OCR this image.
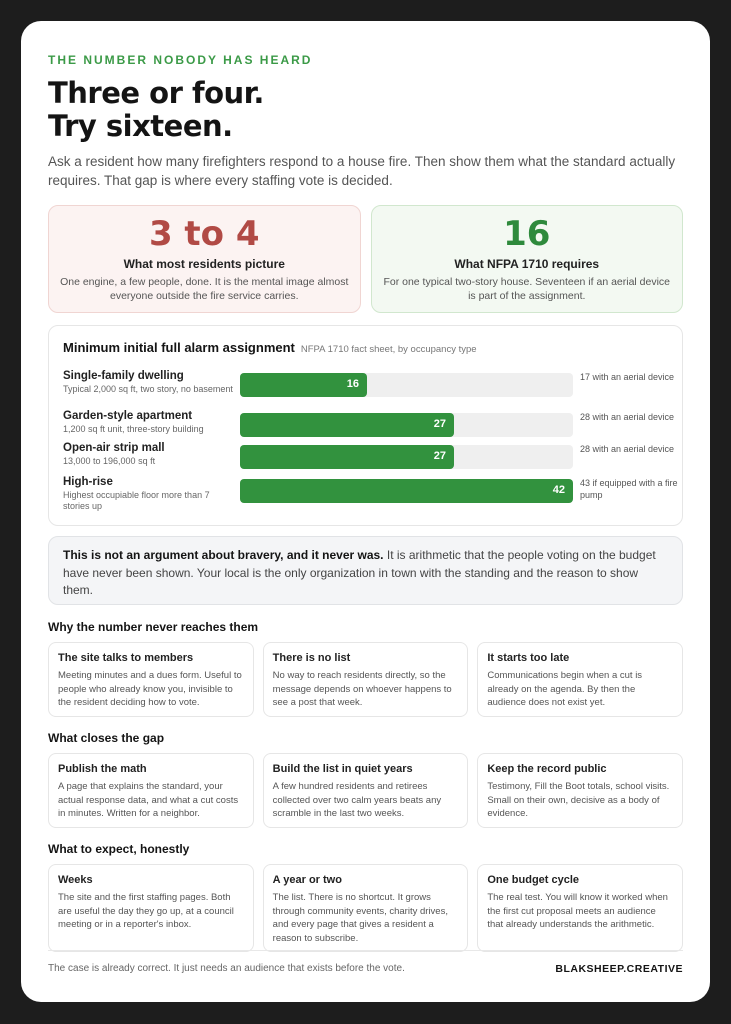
THE NUMBER NOBODY HAS HEARD
Three or four.
Try sixteen.
Ask a resident how many firefighters respond to a house fire. Then show them what the standard actually requires. That gap is where every staffing vote is decided.
3 to 4
What most residents picture
One engine, a few people, done. It is the mental image almost everyone outside the fire service carries.
16
What NFPA 1710 requires
For one typical two-story house. Seventeen if an aerial device is part of the assignment.
Minimum initial full alarm assignment NFPA 1710 fact sheet, by occupancy type
Single-family dwelling
Typical 2,000 sq ft, two story, no basement	16
17 with an aerial device
Garden-style apartment
1,200 sq ft unit, three-story building	27
28 with an aerial device
Open-air strip mall
13,000 to 196,000 sq ft	27
28 with an aerial device
High-rise
Highest occupiable floor more than 7 stories up
42
43 if equipped with a fire pump
This is not an argument about bravery, and it never was. It is arithmetic that the people voting on the budget have never been shown. Your local is the only organization in town with the standing and the reason to show them.
Why the number never reaches them
The site talks to members
Meeting minutes and a dues form. Useful to people who already know you, invisible to the resident deciding how to vote.
There is no list
No way to reach residents directly, so the message depends on whoever happens to see a post that week.
It starts too late
Communications begin when a cut is already on the agenda. By then the audience does not exist yet.
What closes the gap
Publish the math
A page that explains the standard, your actual response data, and what a cut costs in minutes. Written for a neighbor.
Build the list in quiet years
A few hundred residents and retirees collected over two calm years beats any scramble in the last two weeks.
Keep the record public
Testimony, Fill the Boot totals, school visits. Small on their own, decisive as a body of evidence.
What to expect, honestly
Weeks
The site and the first staffing pages. Both are useful the day they go up, at a council meeting or in a reporter's inbox.
A year or two
The list. There is no shortcut. It grows through community events, charity drives, and every page that gives a resident a reason to subscribe.
One budget cycle
The real test. You will know it worked when the first cut proposal meets an audience that already understands the arithmetic.
The case is already correct. It just needs an audience that exists before the vote.	BLAKSHEEP.CREATIVE
